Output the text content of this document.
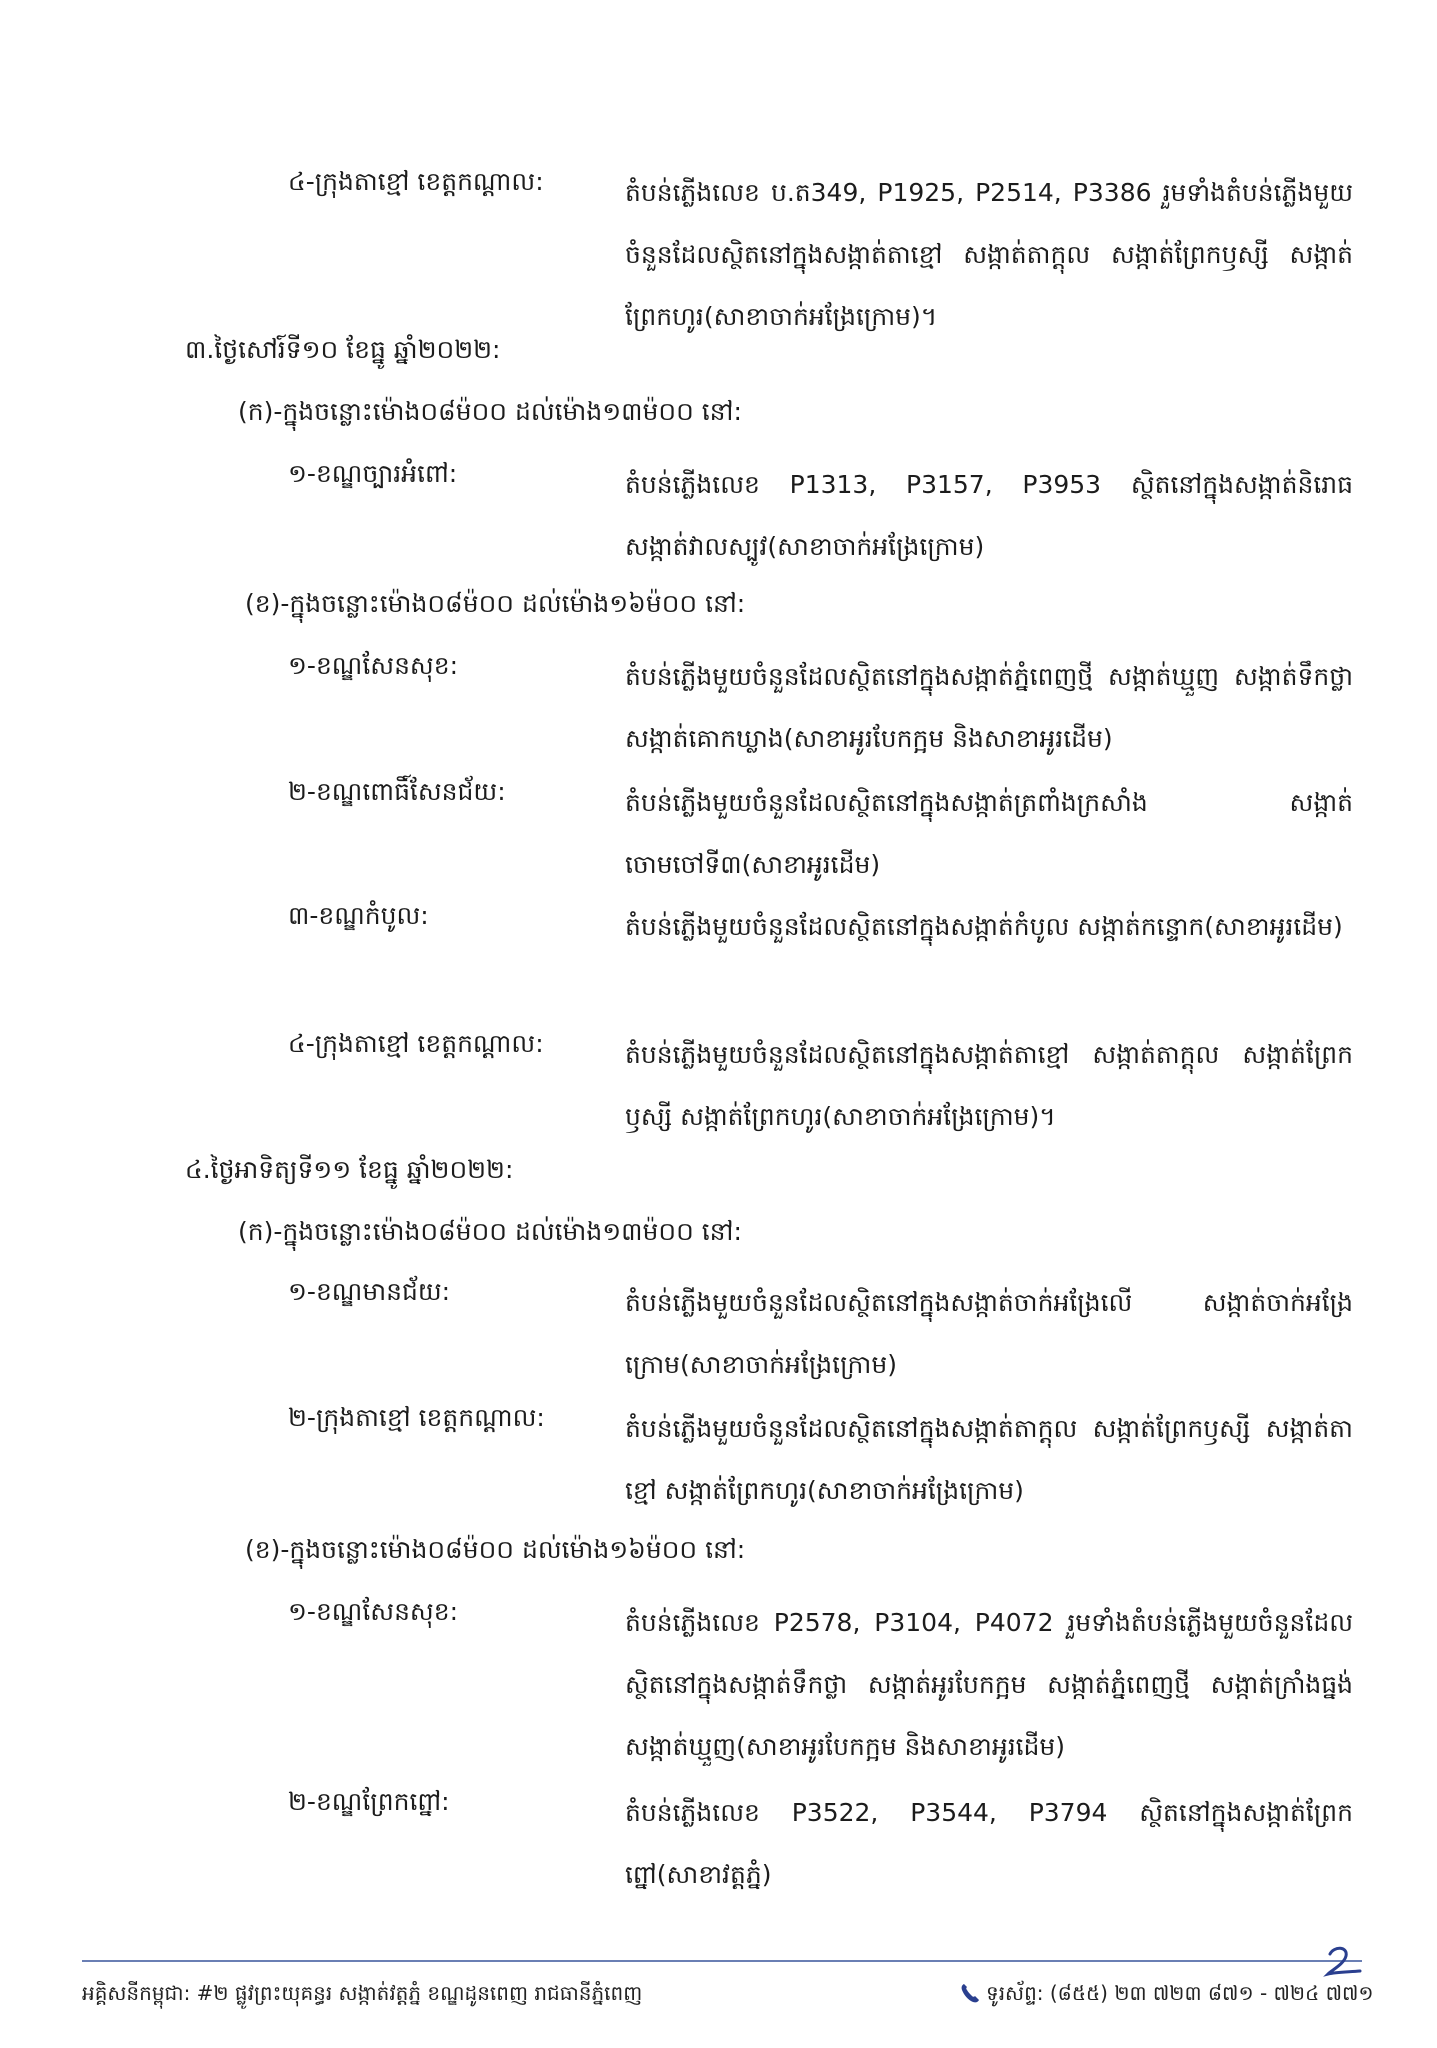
៤-ក្រុងតាខ្មៅ ខេត្តកណ្ដាល:	តំបន់ភ្លើងលេខ ប.ត349, P1925, P2514, P3386 រួមទាំងតំបន់ភ្លើងមួយចំនួនដែលស្ថិតនៅក្នុងសង្កាត់តាខ្មៅ សង្កាត់តាក្ដុល សង្កាត់ព្រែកឫស្សី សង្កាត់ព្រែកហូរ(សាខាចាក់អង្រែក្រោម)។
៣.ថ្ងៃសៅរ៍ទី១០ ខែធ្នូ ឆ្នាំ២០២២:
(ក)-ក្នុងចន្លោះម៉ោង០៨ម៉០០ ដល់ម៉ោង១៣ម៉០០ នៅ:
១-ខណ្ឌច្បារអំពៅ:	តំបន់ភ្លើងលេខ P1313, P3157, P3953 ស្ថិតនៅក្នុងសង្កាត់និរោធ សង្កាត់វាលស្បូវ(សាខាចាក់អង្រែក្រោម)
(ខ)-ក្នុងចន្លោះម៉ោង០៨ម៉០០ ដល់ម៉ោង១៦ម៉០០ នៅ:
១-ខណ្ឌសែនសុខ:	តំបន់ភ្លើងមួយចំនួនដែលស្ថិតនៅក្នុងសង្កាត់ភ្នំពេញថ្មី សង្កាត់ឃ្មួញ សង្កាត់ទឹកថ្លា សង្កាត់គោកឃ្លាង(សាខាអូរបែកក្អម និងសាខាអូរដើម)
២-ខណ្ឌពោធិ៍សែនជ័យ:	តំបន់ភ្លើងមួយចំនួនដែលស្ថិតនៅក្នុងសង្កាត់ត្រពាំងក្រសាំង សង្កាត់ចោមចៅទី៣(សាខាអូរដើម)
៣-ខណ្ឌកំបូល:	តំបន់ភ្លើងមួយចំនួនដែលស្ថិតនៅក្នុងសង្កាត់កំបូល សង្កាត់កន្ទោក(សាខាអូរដើម)
៤-ក្រុងតាខ្មៅ ខេត្តកណ្ដាល:	តំបន់ភ្លើងមួយចំនួនដែលស្ថិតនៅក្នុងសង្កាត់តាខ្មៅ សង្កាត់តាក្ដុល សង្កាត់ព្រែកឫស្សី សង្កាត់ព្រែកហូរ(សាខាចាក់អង្រែក្រោម)។
៤.ថ្ងៃអាទិត្យទី១១ ខែធ្នូ ឆ្នាំ២០២២:
(ក)-ក្នុងចន្លោះម៉ោង០៨ម៉០០ ដល់ម៉ោង១៣ម៉០០ នៅ:
១-ខណ្ឌមានជ័យ:	តំបន់ភ្លើងមួយចំនួនដែលស្ថិតនៅក្នុងសង្កាត់ចាក់អង្រែលើ សង្កាត់ចាក់អង្រែក្រោម(សាខាចាក់អង្រែក្រោម)
២-ក្រុងតាខ្មៅ ខេត្តកណ្ដាល:	តំបន់ភ្លើងមួយចំនួនដែលស្ថិតនៅក្នុងសង្កាត់តាក្ដុល សង្កាត់ព្រែកឫស្សី សង្កាត់តាខ្មៅ សង្កាត់ព្រែកហូរ(សាខាចាក់អង្រែក្រោម)
(ខ)-ក្នុងចន្លោះម៉ោង០៨ម៉០០ ដល់ម៉ោង១៦ម៉០០ នៅ:
១-ខណ្ឌសែនសុខ:	តំបន់ភ្លើងលេខ P2578, P3104, P4072 រួមទាំងតំបន់ភ្លើងមួយចំនួនដែលស្ថិតនៅក្នុងសង្កាត់ទឹកថ្លា សង្កាត់អូរបែកក្អម សង្កាត់ភ្នំពេញថ្មី សង្កាត់ក្រាំងធ្នង់ សង្កាត់ឃ្មួញ(សាខាអូរបែកក្អម និងសាខាអូរដើម)
២-ខណ្ឌព្រែកព្នៅ:	តំបន់ភ្លើងលេខ P3522, P3544, P3794 ស្ថិតនៅក្នុងសង្កាត់ព្រែកព្នៅ(សាខាវត្តភ្នំ)
អគ្គិសនីកម្ពុជា: #២ ផ្លូវព្រះយុគន្ធរ សង្កាត់វត្តភ្នំ ខណ្ឌដូនពេញ រាជធានីភ្នំពេញ	ទូរស័ព្ទ: (៨៥៥) ២៣ ៧២៣ ៨៧១ - ៧២៤ ៧៧១
